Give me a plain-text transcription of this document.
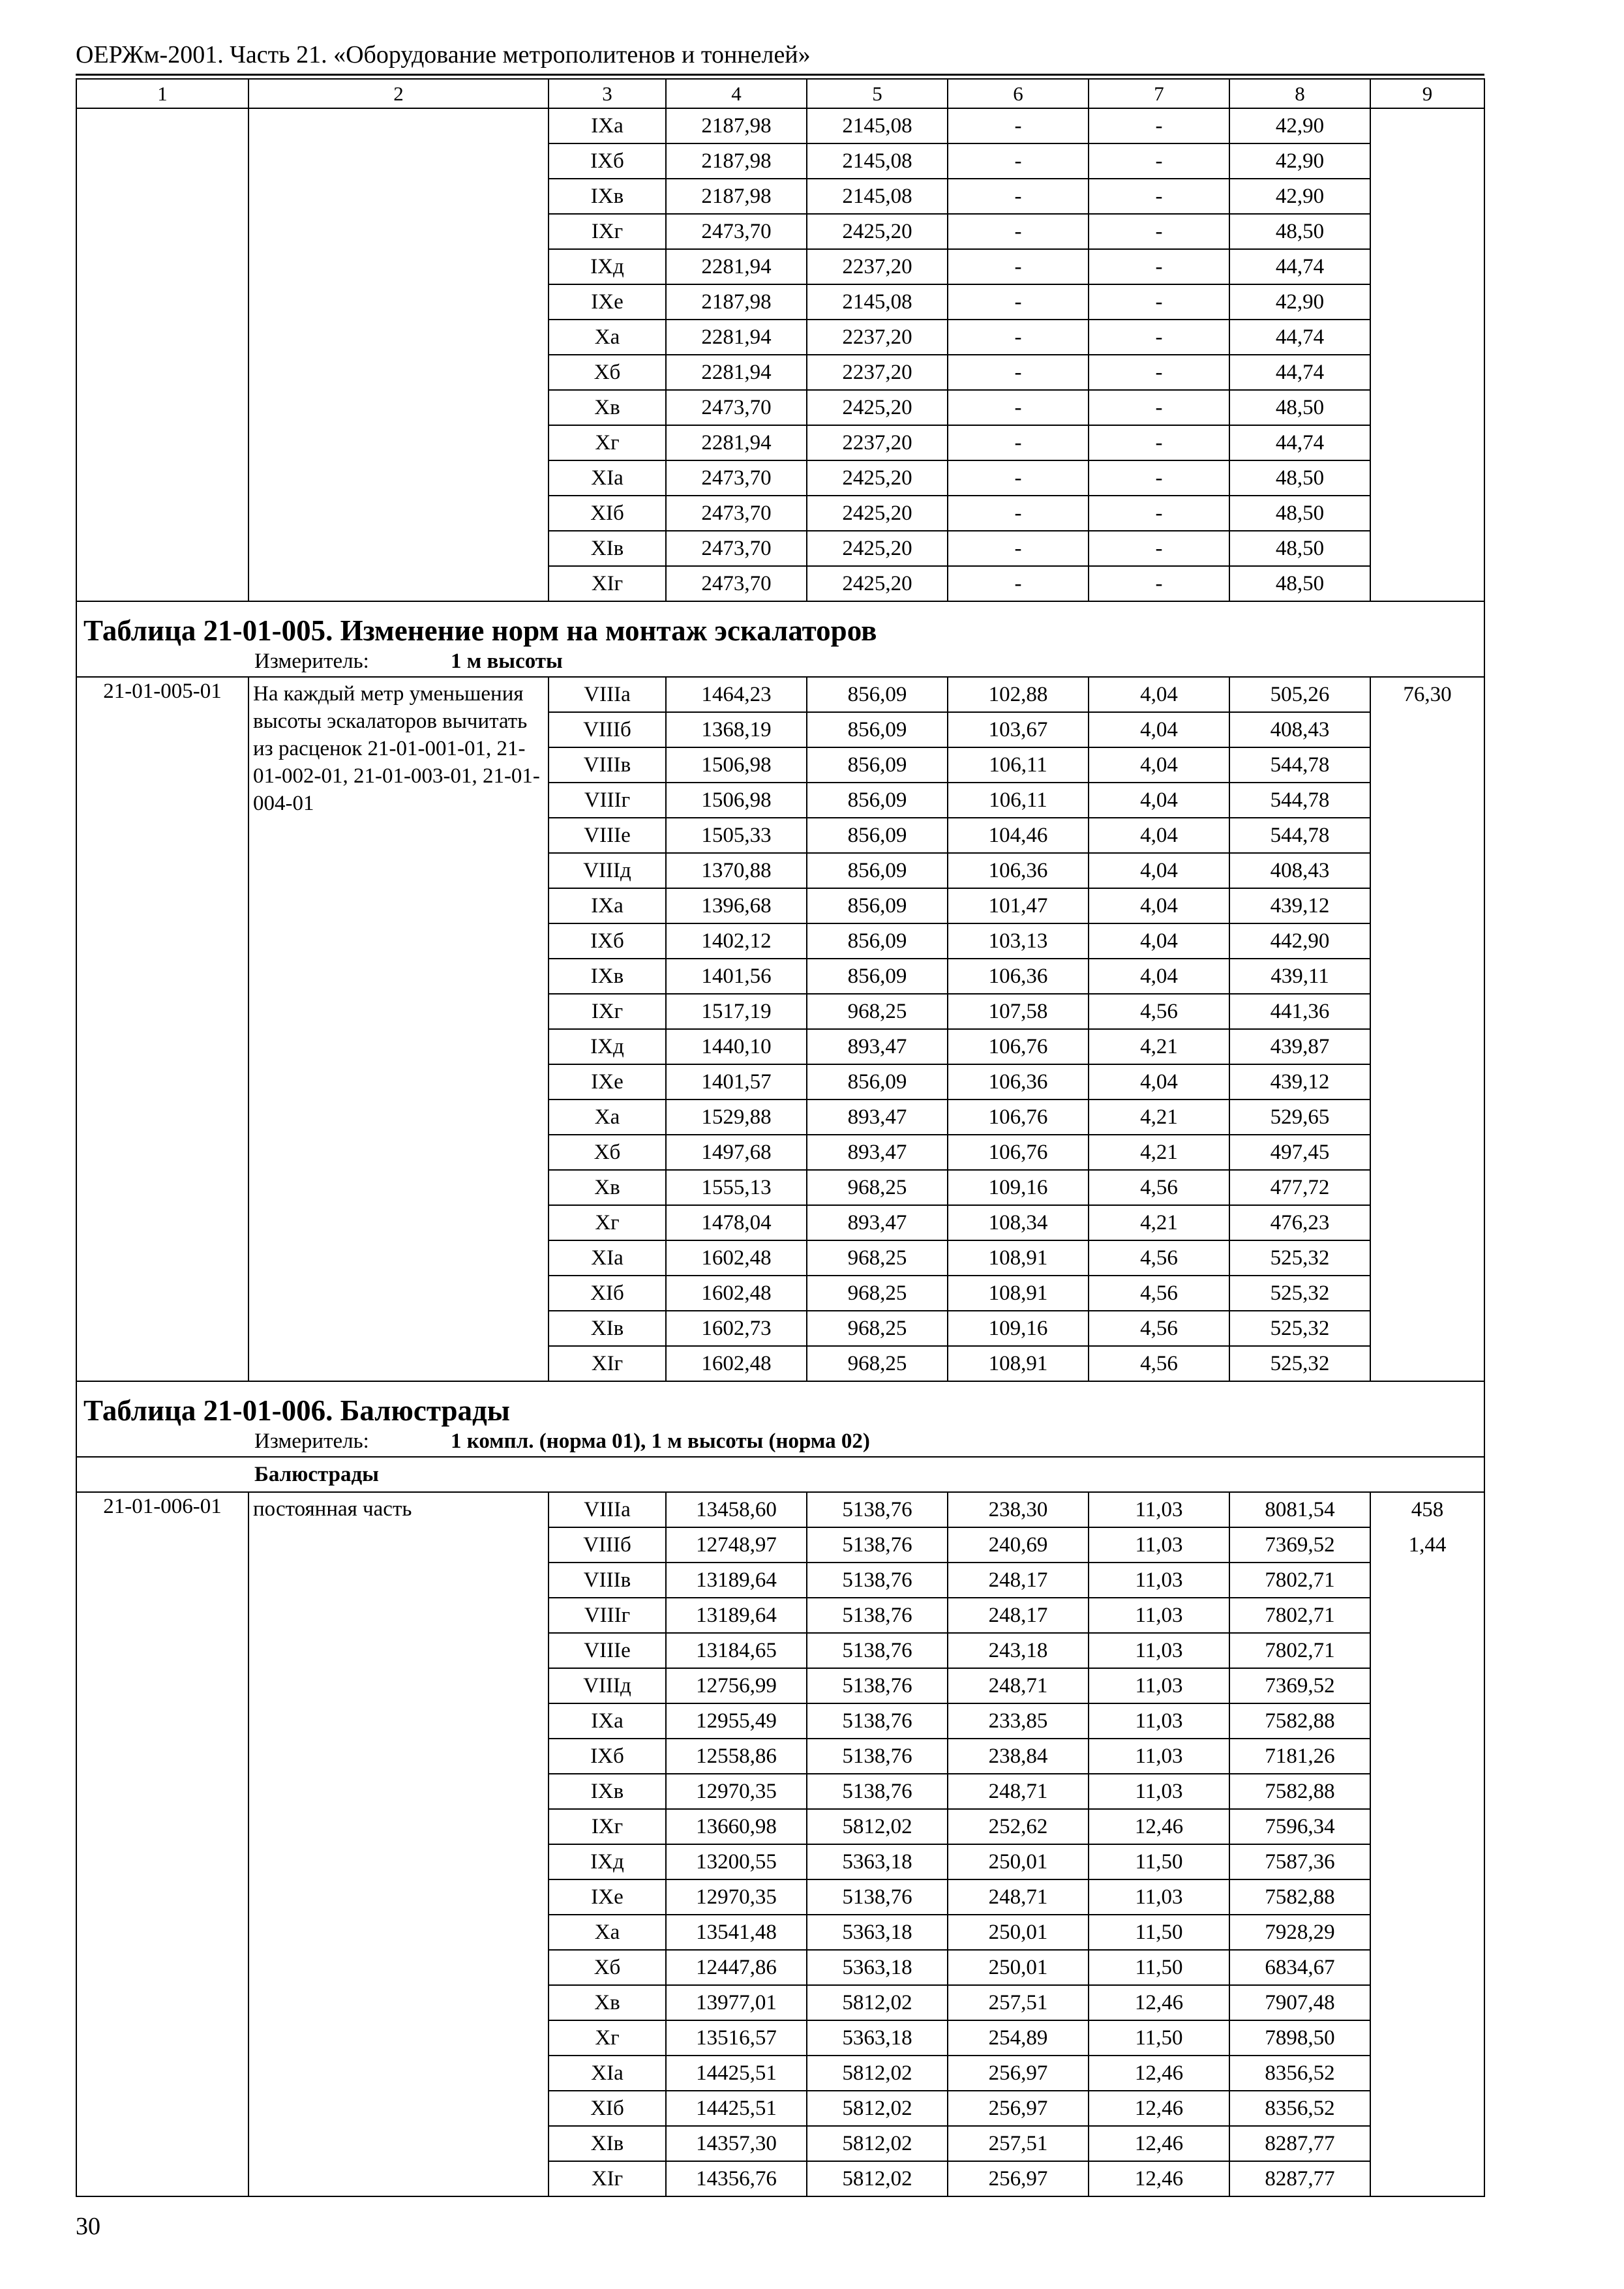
ОЕРЖм-2001. Часть 21. «Оборудование метрополитенов и тоннелей»
1	2	3	4	5	6	7	8	9
		IXа	2187,98	2145,08	-	-	42,90	
		IXб	2187,98	2145,08	-	-	42,90	
		IXв	2187,98	2145,08	-	-	42,90	
		IXг	2473,70	2425,20	-	-	48,50	
		IXд	2281,94	2237,20	-	-	44,74	
		IXе	2187,98	2145,08	-	-	42,90	
		Xа	2281,94	2237,20	-	-	44,74	
		Xб	2281,94	2237,20	-	-	44,74	
		Xв	2473,70	2425,20	-	-	48,50	
		Xг	2281,94	2237,20	-	-	44,74	
		XIа	2473,70	2425,20	-	-	48,50	
		XIб	2473,70	2425,20	-	-	48,50	
		XIв	2473,70	2425,20	-	-	48,50	
		XIг	2473,70	2425,20	-	-	48,50	

Таблица 21-01-005. Изменение норм на монтаж эскалаторов
Измеритель: 1 м высоты								

21-01-005-01	На каждый метр уменьшения высоты эскалаторов вычитать из расценок 21-01-001-01, 21-01-002-01, 21-01-003-01, 21-01-004-01	VIIIа	1464,23	856,09	102,88	4,04	505,26	76,30

		VIIIб	1368,19	856,09	103,67	4,04	408,43	
		VIIIв	1506,98	856,09	106,11	4,04	544,78	
		VIIIг	1506,98	856,09	106,11	4,04	544,78	
		VIIIе	1505,33	856,09	104,46	4,04	544,78	
		VIIIд	1370,88	856,09	106,36	4,04	408,43	
		IXа	1396,68	856,09	101,47	4,04	439,12	
		IXб	1402,12	856,09	103,13	4,04	442,90	
		IXв	1401,56	856,09	106,36	4,04	439,11	
		IXг	1517,19	968,25	107,58	4,56	441,36	
		IXд	1440,10	893,47	106,76	4,21	439,87	
		IXе	1401,57	856,09	106,36	4,04	439,12	
		Xа	1529,88	893,47	106,76	4,21	529,65	
		Xб	1497,68	893,47	106,76	4,21	497,45	
		Xв	1555,13	968,25	109,16	4,56	477,72	
		Xг	1478,04	893,47	108,34	4,21	476,23	
		XIа	1602,48	968,25	108,91	4,56	525,32	
		XIб	1602,48	968,25	108,91	4,56	525,32	
		XIв	1602,73	968,25	109,16	4,56	525,32	
		XIг	1602,48	968,25	108,91	4,56	525,32	

Таблица 21-01-006. Балюстрады
Измеритель: 1 компл. (норма 01), 1 м высоты (норма 02)								

Балюстрады								
21-01-006-01	постоянная часть	VIIIа	13458,60	5138,76	238,30	11,03	8081,54	458
1,44

		VIIIб	12748,97	5138,76	240,69	11,03	7369,52	
		VIIIв	13189,64	5138,76	248,17	11,03	7802,71	
		VIIIг	13189,64	5138,76	248,17	11,03	7802,71	
		VIIIе	13184,65	5138,76	243,18	11,03	7802,71	
		VIIIд	12756,99	5138,76	248,71	11,03	7369,52	
		IXа	12955,49	5138,76	233,85	11,03	7582,88	
		IXб	12558,86	5138,76	238,84	11,03	7181,26	
		IXв	12970,35	5138,76	248,71	11,03	7582,88	
		IXг	13660,98	5812,02	252,62	12,46	7596,34	
		IXд	13200,55	5363,18	250,01	11,50	7587,36	
		IXе	12970,35	5138,76	248,71	11,03	7582,88	
		Xа	13541,48	5363,18	250,01	11,50	7928,29	
		Xб	12447,86	5363,18	250,01	11,50	6834,67	
		Xв	13977,01	5812,02	257,51	12,46	7907,48	
		Xг	13516,57	5363,18	254,89	11,50	7898,50	
		XIа	14425,51	5812,02	256,97	12,46	8356,52	
		XIб	14425,51	5812,02	256,97	12,46	8356,52	
		XIв	14357,30	5812,02	257,51	12,46	8287,77	
		XIг	14356,76	5812,02	256,97	12,46	8287,77	
30
